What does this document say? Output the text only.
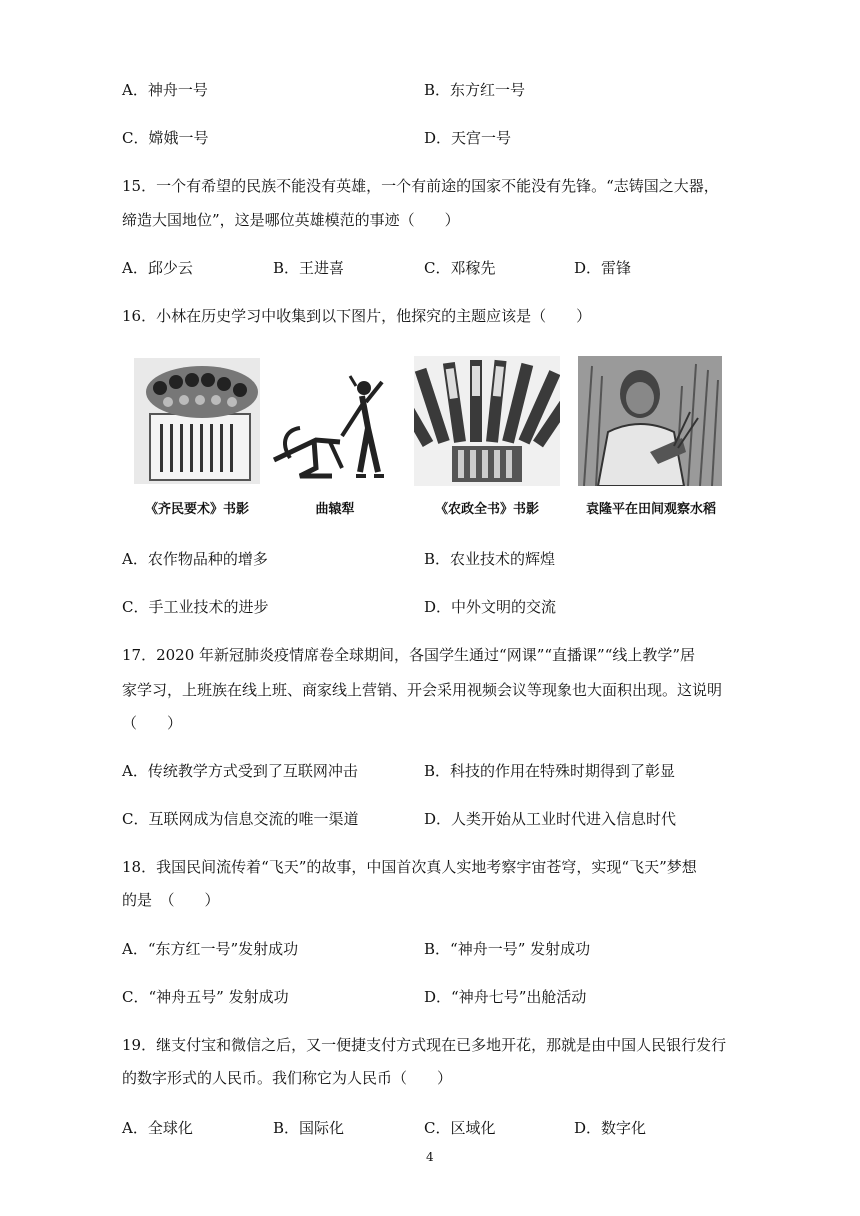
A．神舟一号	B．东方红一号
C．嫦娥一号	D．天宫一号
15．一个有希望的民族不能没有英雄，一个有前途的国家不能没有先锋。“志铸国之大器，
缔造大国地位”，这是哪位英雄模范的事迹（　　）
A．邱少云	B．王进喜	C．邓稼先	D．雷锋
16．小林在历史学习中收集到以下图片，他探究的主题应该是（　　）
《齐民要术》书影	曲辕犁	《农政全书》书影	袁隆平在田间观察水稻
A．农作物品种的增多	B．农业技术的辉煌
C．手工业技术的进步	D．中外文明的交流
17．2020 年新冠肺炎疫情席卷全球期间，各国学生通过“网课”“直播课”“线上教学”居
家学习，上班族在线上班、商家线上营销、开会采用视频会议等现象也大面积出现。这说明
（　　）
A．传统教学方式受到了互联网冲击	B．科技的作用在特殊时期得到了彰显
C．互联网成为信息交流的唯一渠道	D．人类开始从工业时代进入信息时代
18．我国民间流传着“飞天”的故事，中国首次真人实地考察宇宙苍穹，实现“飞天”梦想
的是　（　　）
A．“东方红一号”发射成功	B．“神舟一号” 发射成功
C．“神舟五号” 发射成功	D．“神舟七号”出舱活动
19．继支付宝和微信之后，又一便捷支付方式现在已多地开花，那就是由中国人民银行发行
的数字形式的人民币。我们称它为人民币（　　）
A．全球化	B．国际化	C．区域化	D．数字化
4
